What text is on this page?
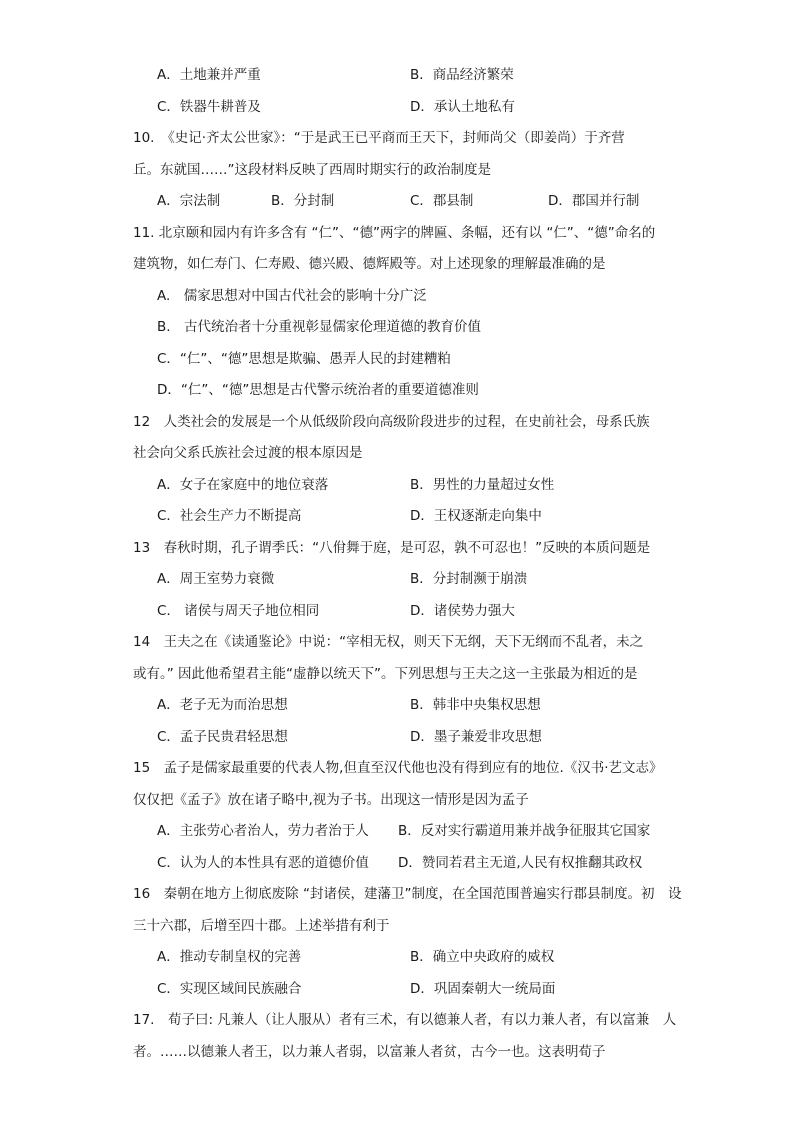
A．土地兼并严重	B．商品经济繁荣
C．铁器牛耕普及	D．承认土地私有
10.　《史记·齐太公世家》：“于是武王已平商而王天下，封师尚父（即姜尚）于齐营
丘。东就国……”这段材料反映了西周时期实行的政治制度是
A．宗法制	B．分封制	C．郡县制	D．郡国并行制
11. 北京颐和园内有许多含有 “仁”、“德”两字的牌匾、条幅，还有以 “仁”、“德”命名的
建筑物，如仁寿门、仁寿殿、德兴殿、德辉殿等。对上述现象的理解最准确的是
A.　儒家思想对中国古代社会的影响十分广泛
B.　古代统治者十分重视彰显儒家伦理道德的教育价值
C．“仁”、“德”思想是欺骗、愚弄人民的封建糟粕
D．“仁”、“德”思想是古代警示统治者的重要道德准则
12　人类社会的发展是一个从低级阶段向高级阶段进步的过程，在史前社会，母系氏族
社会向父系氏族社会过渡的根本原因是
A．女子在家庭中的地位衰落	B．男性的力量超过女性
C．社会生产力不断提高	D．王权逐渐走向集中
13　春秋时期，孔子谓季氏：“八佾舞于庭，是可忍，孰不可忍也！”反映的本质问题是
A．周王室势力衰微	B．分封制濒于崩溃
C.　诸侯与周天子地位相同	D．诸侯势力强大
14　王夫之在《读通鉴论》中说：“宰相无权，则天下无纲，天下无纲而不乱者，未之
或有。” 因此他希望君主能“虚静以统天下”。下列思想与王夫之这一主张最为相近的是
A．老子无为而治思想	B．韩非中央集权思想
C．孟子民贵君轻思想	D．墨子兼爱非攻思想
15　孟子是儒家最重要的代表人物,但直至汉代他也没有得到应有的地位.《汉书·艺文志》
仅仅把《孟子》放在诸子略中,视为子书。出现这一情形是因为孟子
A．主张劳心者治人，劳力者治于人 B．反对实行霸道用兼并战争征服其它国家
C．认为人的本性具有恶的道德价值 D．赞同若君主无道,人民有权推翻其政权
16　秦朝在地方上彻底废除 “封诸侯，建藩卫”制度，在全国范围普遍实行郡县制度。初　设
三十六郡，后增至四十郡。上述举措有利于
A．推动专制皇权的完善	B．确立中央政府的威权
C．实现区域间民族融合	D．巩固秦朝大一统局面
17.　荀子曰: 凡兼人（让人服从）者有三术，有以德兼人者，有以力兼人者，有以富兼　人
者。……以德兼人者王，以力兼人者弱，以富兼人者贫，古今一也。这表明荀子
